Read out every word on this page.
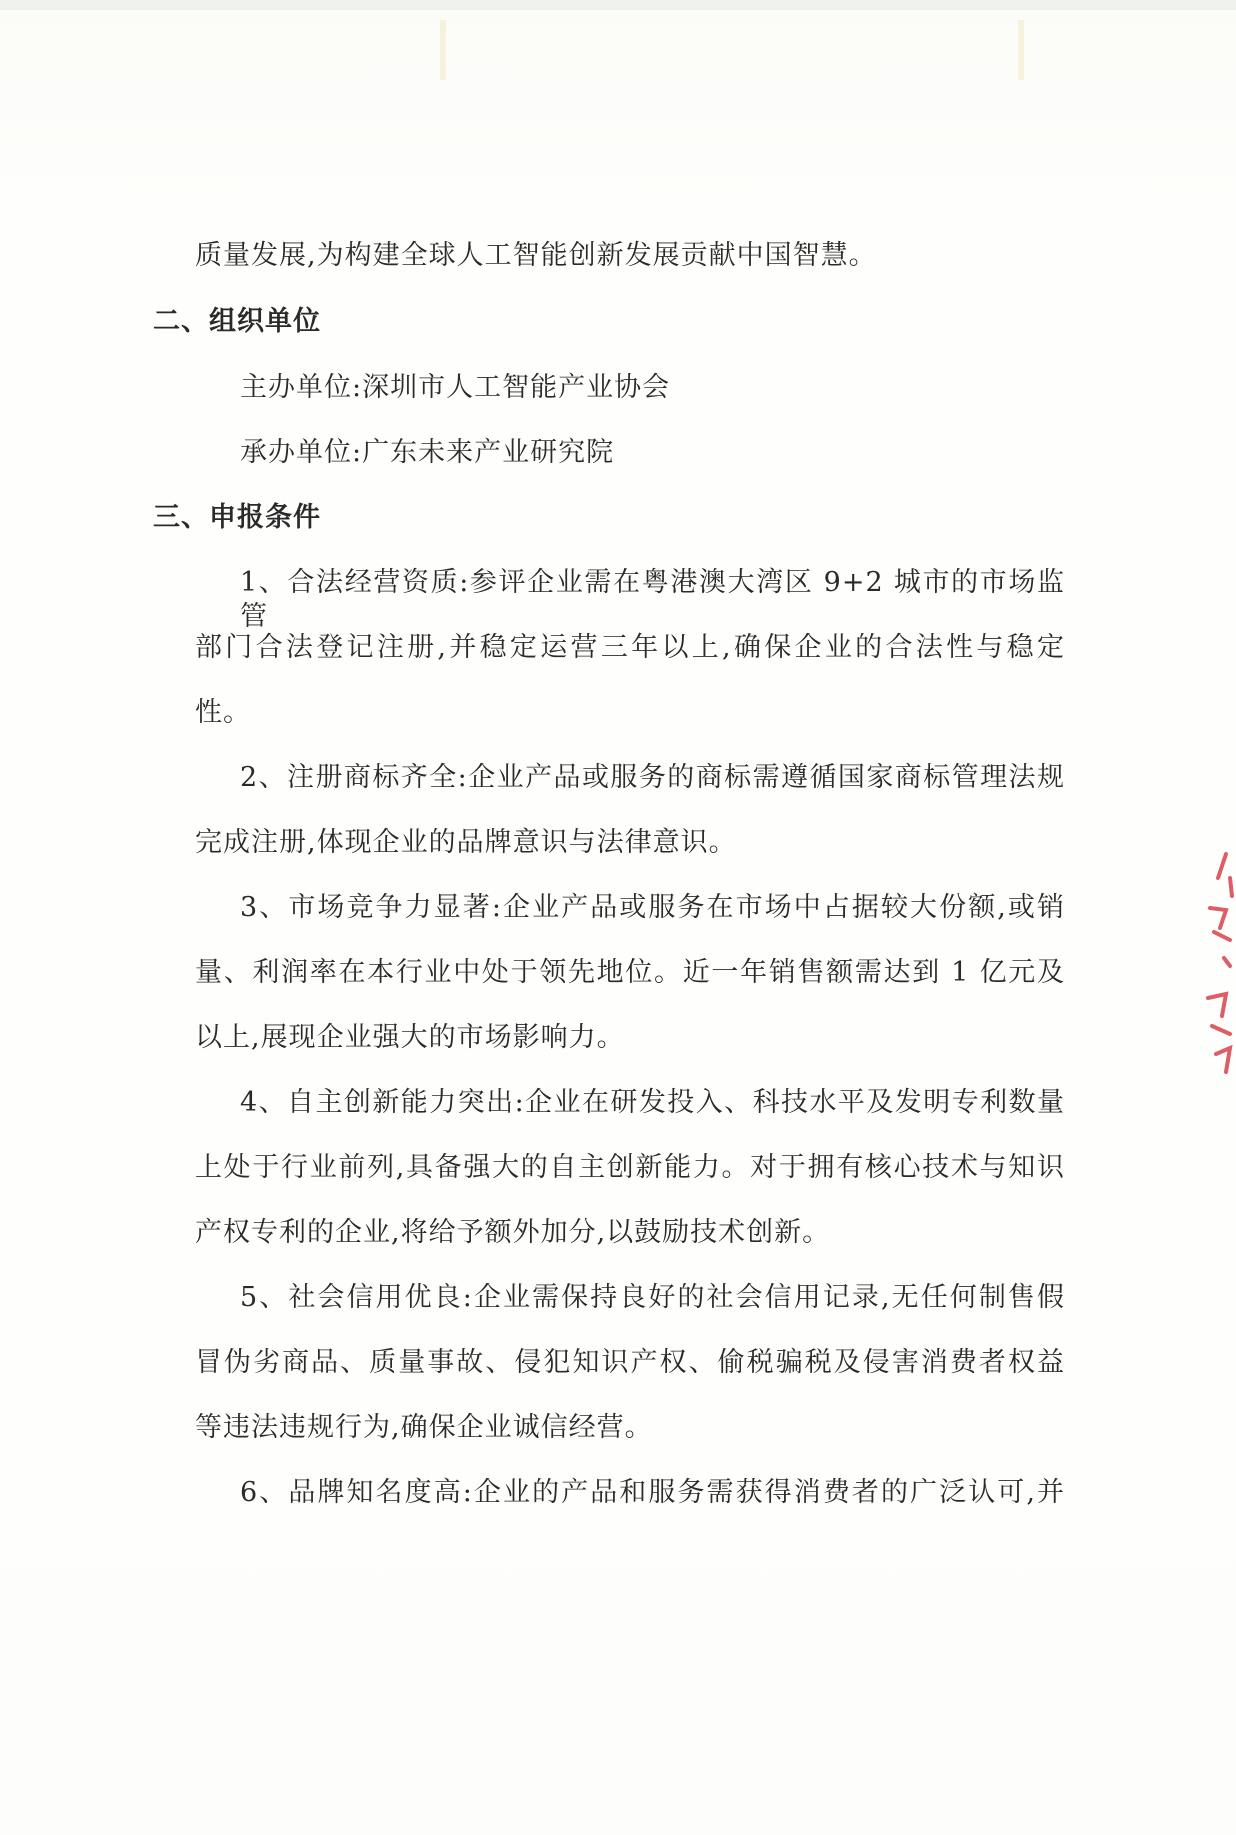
质量发展,为构建全球人工智能创新发展贡献中国智慧。
二、组织单位
主办单位:深圳市人工智能产业协会
承办单位:广东未来产业研究院
三、申报条件
1、合法经营资质:参评企业需在粤港澳大湾区 9+2 城市的市场监管
部门合法登记注册,并稳定运营三年以上,确保企业的合法性与稳定
性。
2、注册商标齐全:企业产品或服务的商标需遵循国家商标管理法规
完成注册,体现企业的品牌意识与法律意识。
3、市场竞争力显著:企业产品或服务在市场中占据较大份额,或销
量、利润率在本行业中处于领先地位。近一年销售额需达到 1 亿元及
以上,展现企业强大的市场影响力。
4、自主创新能力突出:企业在研发投入、科技水平及发明专利数量
上处于行业前列,具备强大的自主创新能力。对于拥有核心技术与知识
产权专利的企业,将给予额外加分,以鼓励技术创新。
5、社会信用优良:企业需保持良好的社会信用记录,无任何制售假
冒伪劣商品、质量事故、侵犯知识产权、偷税骗税及侵害消费者权益
等违法违规行为,确保企业诚信经营。
6、品牌知名度高:企业的产品和服务需获得消费者的广泛认可,并
